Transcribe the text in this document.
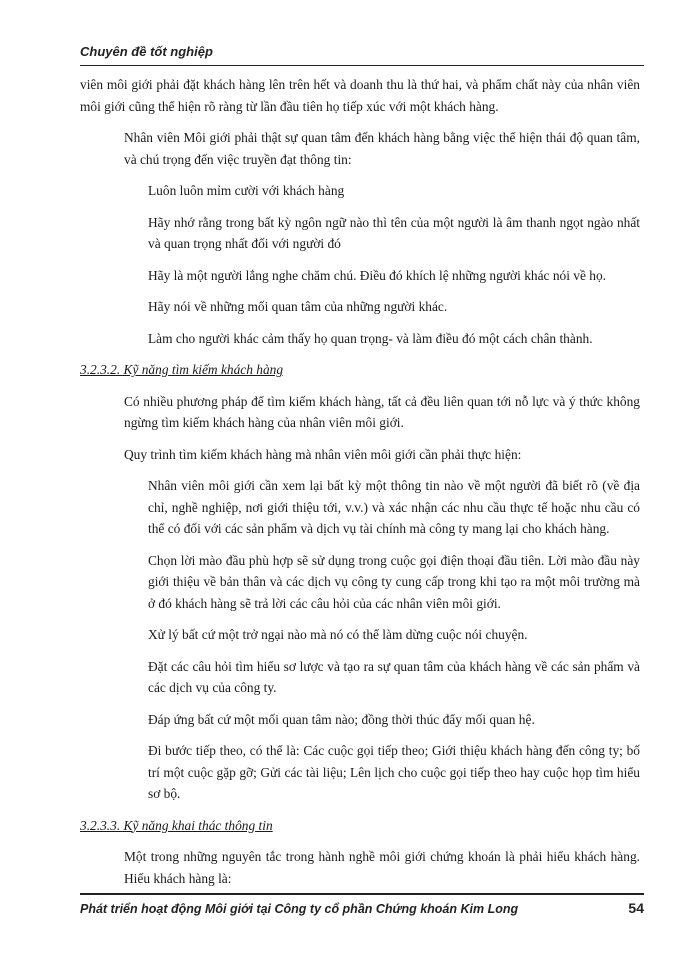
Chuyên đề tốt nghiệp

viên môi giới phải đặt khách hàng lên trên hết và doanh thu là thứ hai, và phẩm chất này của nhân viên môi giới cũng thể hiện rõ ràng từ lần đầu tiên họ tiếp xúc với một khách hàng.

Nhân viên Môi giới phải thật sự quan tâm đến khách hàng bằng việc thể hiện thái độ quan tâm, và chú trọng đến việc truyền đạt thông tin:

Luôn luôn mỉm cười với khách hàng

Hãy nhớ rằng trong bất kỳ ngôn ngữ nào thì tên của một người là âm thanh ngọt ngào nhất và quan trọng nhất đối với người đó

Hãy là một người lắng nghe chăm chú. Điều đó khích lệ những người khác nói về họ.

Hãy nói về những mối quan tâm của những người khác.

Làm cho người khác cảm thấy họ quan trọng- và làm điều đó một cách chân thành.

3.2.3.2. Kỹ năng tìm kiếm khách hàng

Có nhiều phương pháp để tìm kiếm khách hàng, tất cả đều liên quan tới nỗ lực và ý thức không ngừng tìm kiếm khách hàng của nhân viên môi giới.

Quy trình tìm kiếm khách hàng mà nhân viên môi giới cần phải thực hiện:

Nhân viên môi giới cần xem lại bất kỳ một thông tin nào về một người đã biết rõ (về địa chỉ, nghề nghiệp, nơi giới thiệu tới, v.v.) và xác nhận các nhu cầu thực tế hoặc nhu cầu có thể có đối với các sản phẩm và dịch vụ tài chính mà công ty mang lại cho khách hàng.

Chọn lời mào đầu phù hợp sẽ sử dụng trong cuộc gọi điện thoại đầu tiên. Lời mào đầu này giới thiệu về bản thân và các dịch vụ công ty cung cấp trong khi tạo ra một môi trường mà ở đó khách hàng sẽ trả lời các câu hỏi của các nhân viên môi giới.

Xử lý bất cứ một trở ngại nào mà nó có thể làm dừng cuộc nói chuyện.

Đặt các câu hỏi tìm hiểu sơ lược và tạo ra sự quan tâm của khách hàng về các sản phẩm và các dịch vụ của công ty.

Đáp ứng bất cứ một mối quan tâm nào; đồng thời thúc đẩy mối quan hệ.

Đi bước tiếp theo, có thể là: Các cuộc gọi tiếp theo; Giới thiệu khách hàng đến công ty; bố trí một cuộc gặp gỡ; Gửi các tài liệu; Lên lịch cho cuộc gọi tiếp theo hay cuộc họp tìm hiểu sơ bộ.

3.2.3.3. Kỹ năng khai thác thông tin

Một trong những nguyên tắc trong hành nghề môi giới chứng khoán là phải hiểu khách hàng. Hiểu khách hàng là:

Phát triển hoạt động Môi giới tại Công ty cổ phần Chứng khoán Kim Long	54
